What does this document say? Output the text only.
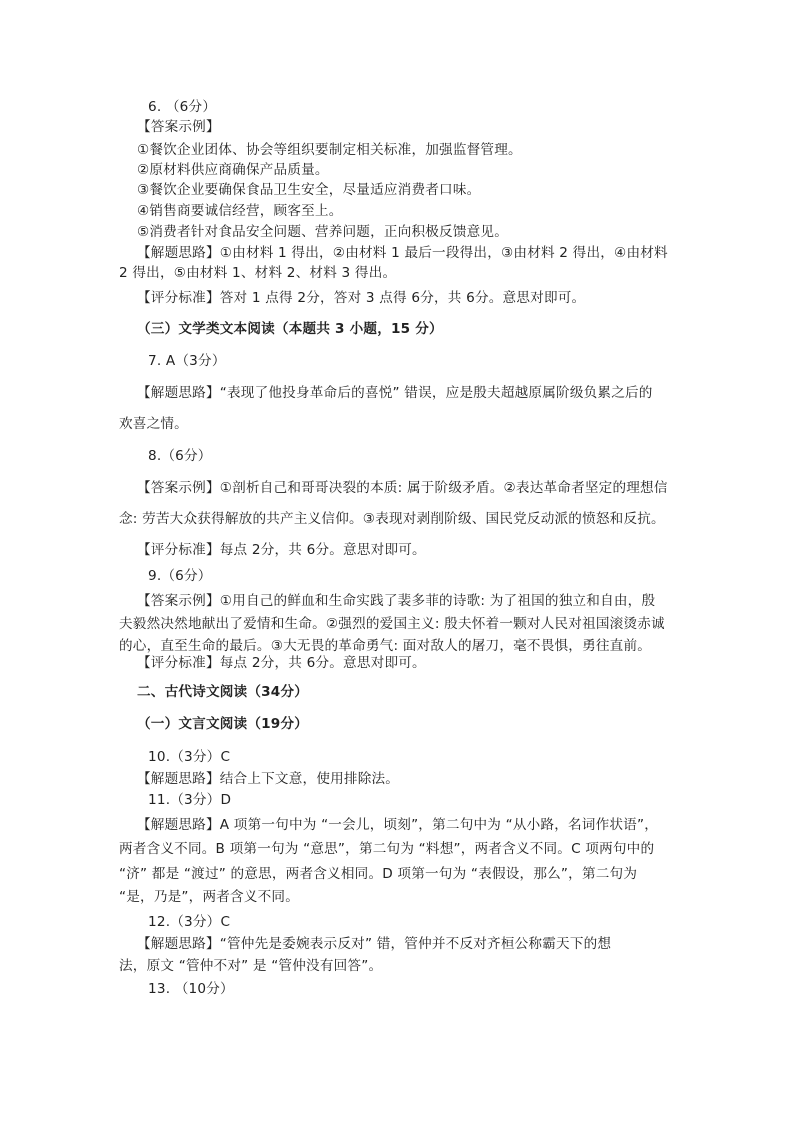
6. （6分）
【答案示例】
①餐饮企业团体、协会等组织要制定相关标准，加强监督管理。
②原材料供应商确保产品质量。
③餐饮企业要确保食品卫生安全，尽量适应消费者口味。
④销售商要诚信经营，顾客至上。
⑤消费者针对食品安全问题、营养问题，正向积极反馈意见。
【解题思路】①由材料 1 得出，②由材料 1 最后一段得出，③由材料 2 得出，④由材料
2 得出，⑤由材料 1、材料 2、材料 3 得出。
【评分标准】答对 1 点得 2分，答对 3 点得 6分，共 6分。意思对即可。
（三）文学类文本阅读（本题共 3 小题，15 分）
7. A（3分）
【解题思路】“表现了他投身革命后的喜悦” 错误，应是殷夫超越原属阶级负累之后的
欢喜之情。
8.（6分）
【答案示例】①剖析自己和哥哥决裂的本质: 属于阶级矛盾。②表达革命者坚定的理想信
念: 劳苦大众获得解放的共产主义信仰。③表现对剥削阶级、国民党反动派的愤怒和反抗。
【评分标准】每点 2分，共 6分。意思对即可。
9.（6分）
【答案示例】①用自己的鲜血和生命实践了裴多菲的诗歌: 为了祖国的独立和自由，殷
夫毅然决然地献出了爱情和生命。②强烈的爱国主义: 殷夫怀着一颗对人民对祖国滚烫赤诚
的心，直至生命的最后。③大无畏的革命勇气: 面对敌人的屠刀，毫不畏惧，勇往直前。
【评分标准】每点 2分，共 6分。意思对即可。
二、古代诗文阅读（34分）
（一）文言文阅读（19分）
10.（3分）C
【解题思路】结合上下文意，使用排除法。
11.（3分）D
【解题思路】A 项第一句中为 “一会儿，顷刻”，第二句中为 “从小路，名词作状语”，
两者含义不同。B 项第一句为 “意思”，第二句为 “料想”，两者含义不同。C 项两句中的
“济” 都是 “渡过” 的意思，两者含义相同。D 项第一句为 “表假设，那么”，第二句为
“是，乃是”，两者含义不同。
12.（3分）C
【解题思路】“管仲先是委婉表示反对” 错，管仲并不反对齐桓公称霸天下的想
法，原文 “管仲不对” 是 “管仲没有回答”。
13. （10分）
